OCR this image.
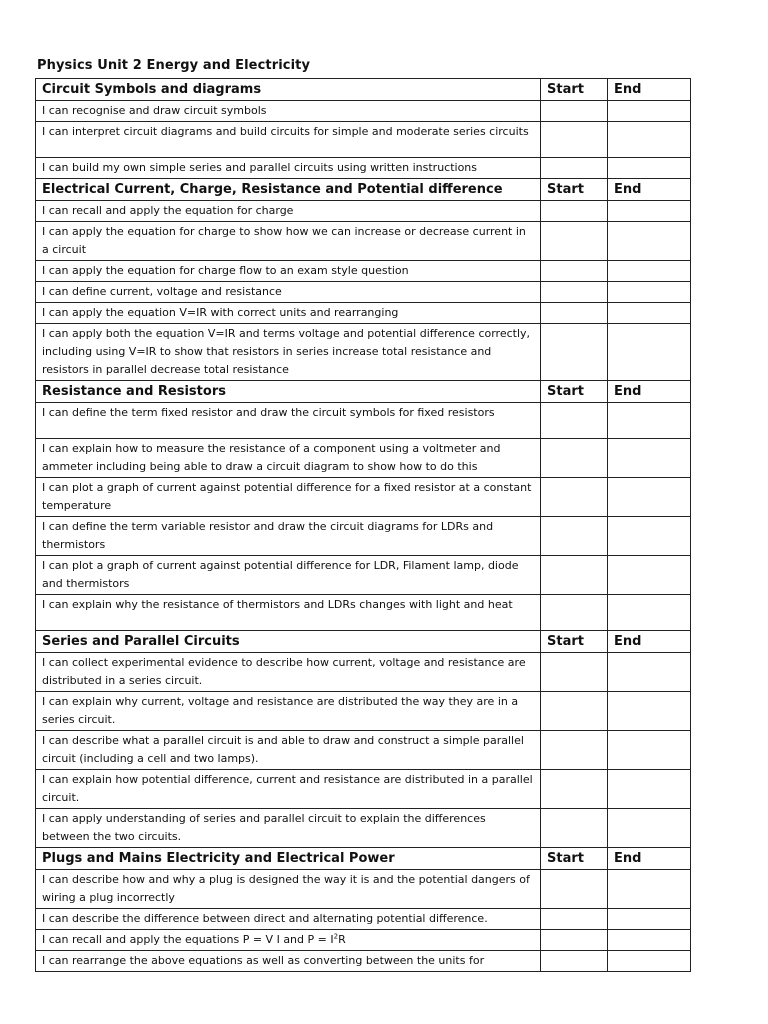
Physics Unit 2 Energy and Electricity
Circuit Symbols and diagrams	Start	End
I can recognise and draw circuit symbols		
I can interpret circuit diagrams and build circuits for simple and moderate series circuits		
I can build my own simple series and parallel circuits using written instructions		
Electrical Current, Charge, Resistance and Potential difference	Start	End
I can recall and apply the equation for charge		
I can apply the equation for charge to show how we can increase or decrease current in a circuit		
I can apply the equation for charge flow to an exam style question		
I can define current, voltage and resistance		
I can apply the equation V=IR with correct units and rearranging		
I can apply both the equation V=IR and terms voltage and potential difference correctly, including using V=IR to show that resistors in series increase total resistance and resistors in parallel decrease total resistance		
Resistance and Resistors	Start	End
I can define the term fixed resistor and draw the circuit symbols for fixed resistors		
I can explain how to measure the resistance of a component using a voltmeter and ammeter including being able to draw a circuit diagram to show how to do this		
I can plot a graph of current against potential difference for a fixed resistor at a constant temperature		
I can define the term variable resistor and draw the circuit diagrams for LDRs and thermistors		
I can plot a graph of current against potential difference for LDR, Filament lamp, diode and thermistors		
I can explain why the resistance of thermistors and LDRs changes with light and heat		
Series and Parallel Circuits	Start	End
I can collect experimental evidence to describe how current, voltage and resistance are distributed in a series circuit.		
I can explain why current, voltage and resistance are distributed the way they are in a series circuit.		
I can describe what a parallel circuit is and able to draw and construct a simple parallel circuit (including a cell and two lamps).		
I can explain how potential difference, current and resistance are distributed in a parallel circuit.		
I can apply understanding of series and parallel circuit to explain the differences between the two circuits.		
Plugs and Mains Electricity and Electrical Power	Start	End
I can describe how and why a plug is designed the way it is and the potential dangers of wiring a plug incorrectly		
I can describe the difference between direct and alternating potential difference.		
I can recall and apply the equations P = V I and $P = I^2R$		
I can rearrange the above equations as well as converting between the units for		
